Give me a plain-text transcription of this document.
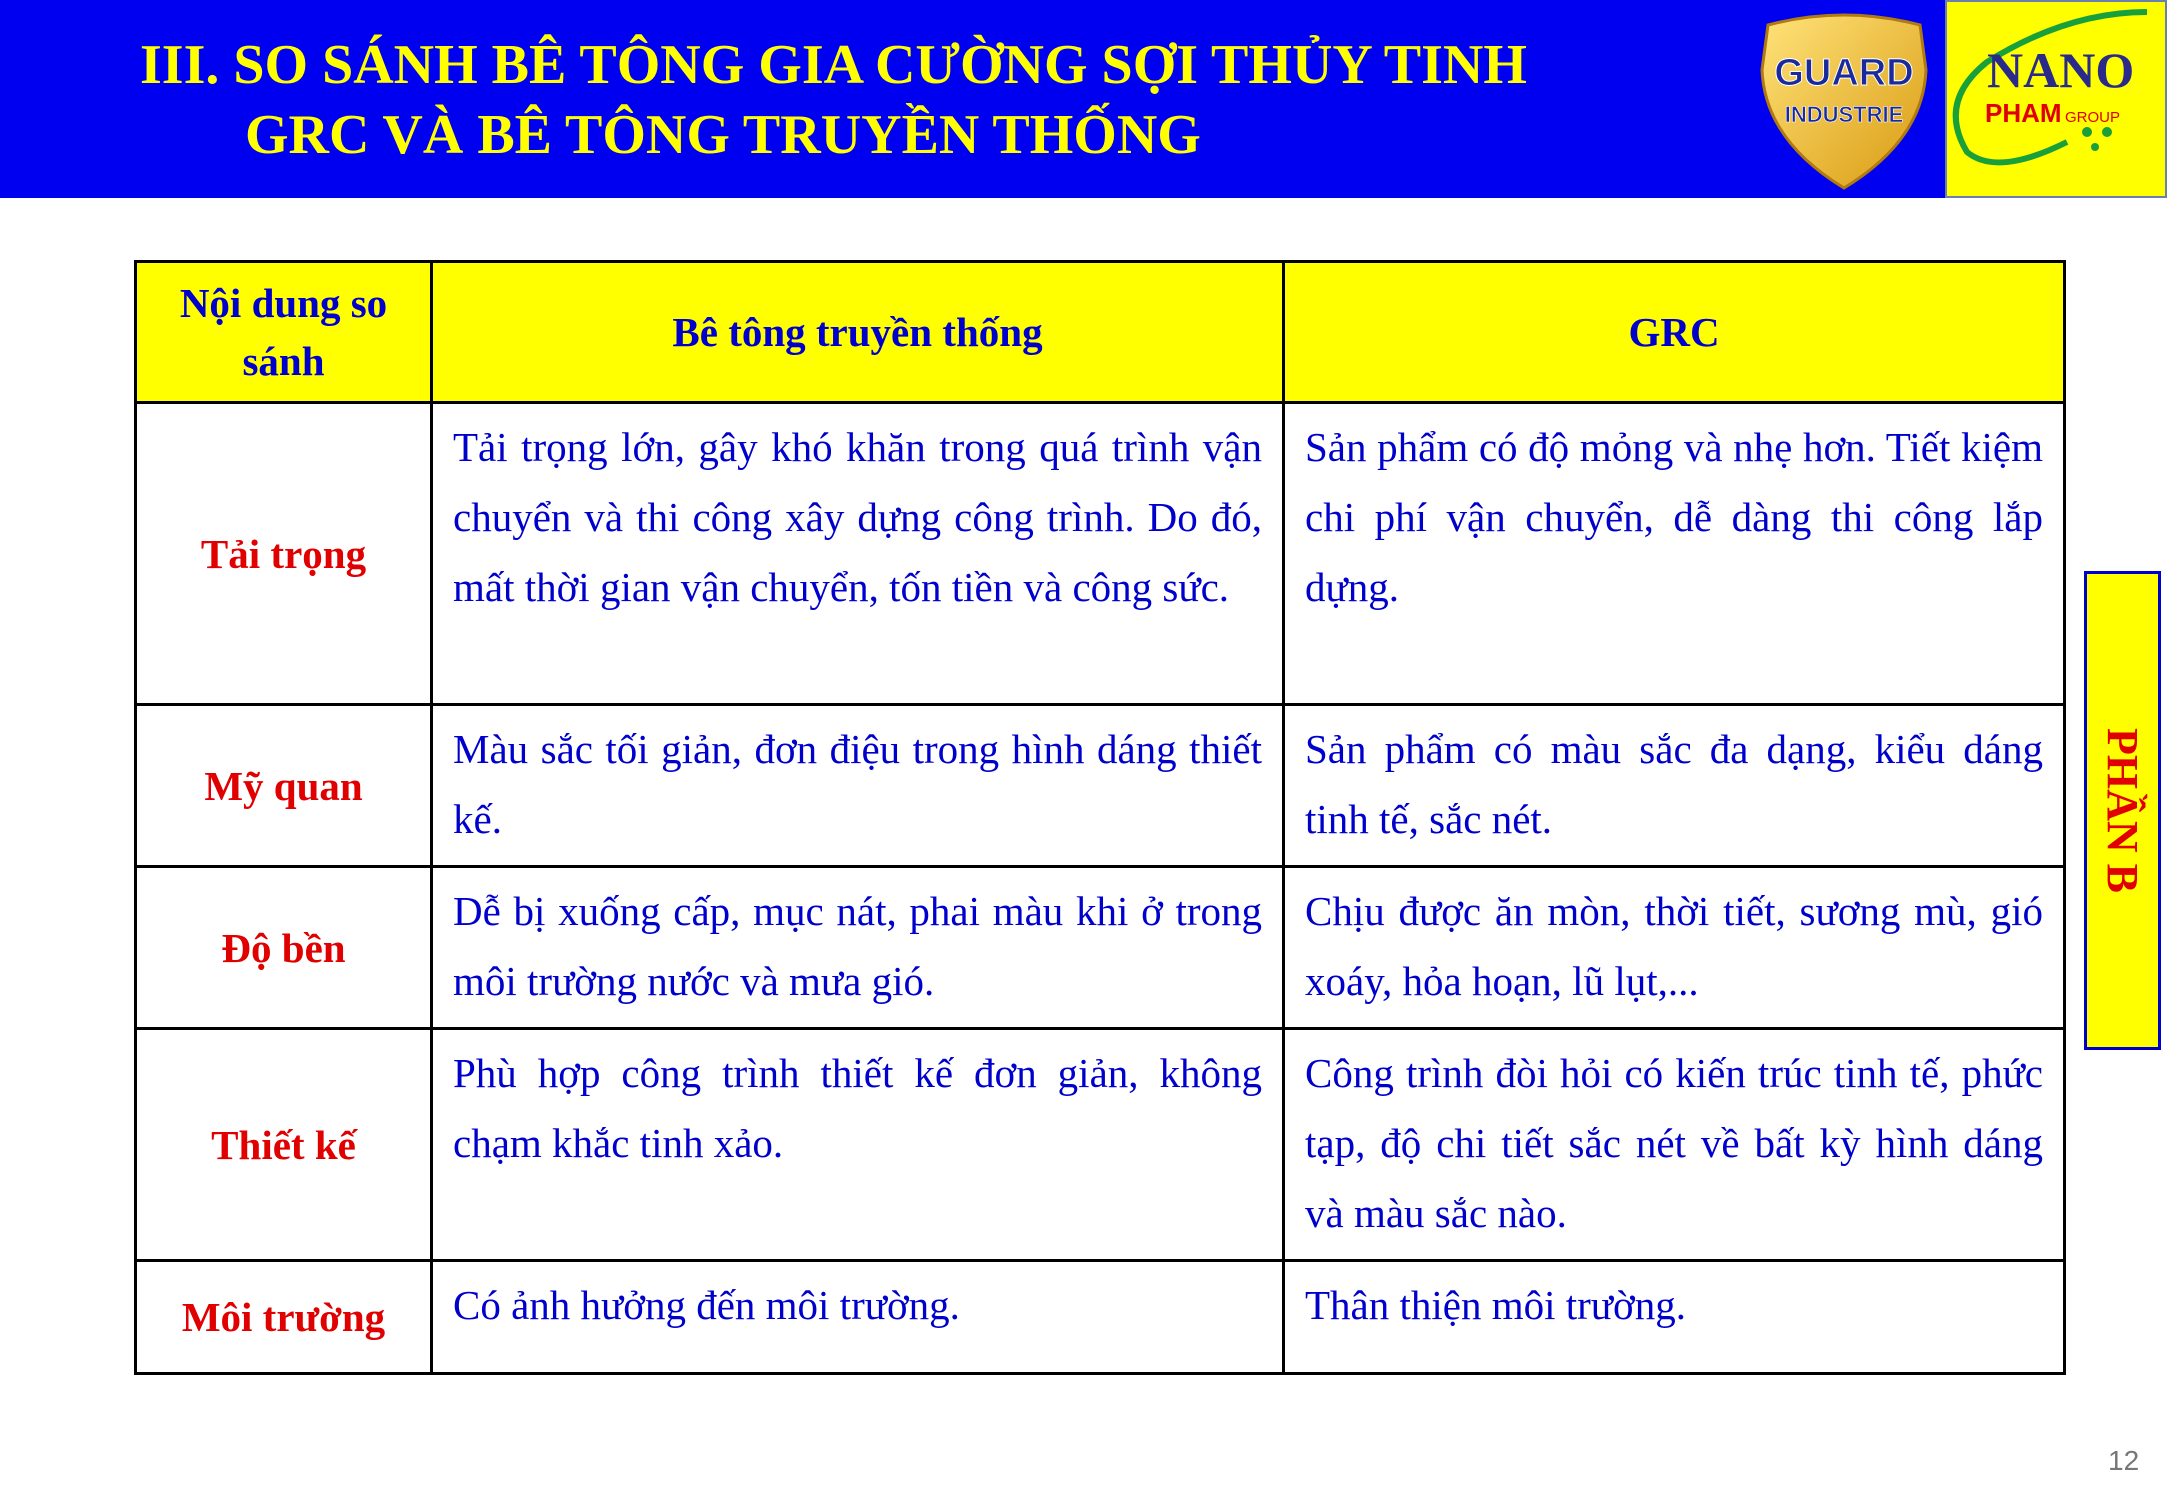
III. SO SÁNH BÊ TÔNG GIA CƯỜNG SỢI THỦY TINH
GRC VÀ BÊ TÔNG TRUYỀN THỐNG
GUARD
INDUSTRIE
NANO
PHAM GROUP
Nội dung so sánh	Bê tông truyền thống	GRC
Tải trọng	Tải trọng lớn, gây khó khăn trong quá trình vận chuyển và thi công xây dựng công trình. Do đó, mất thời gian vận chuyển, tốn tiền và công sức.	Sản phẩm có độ mỏng và nhẹ hơn. Tiết kiệm chi phí vận chuyển, dễ dàng thi công lắp dựng.
Mỹ quan	Màu sắc tối giản, đơn điệu trong hình dáng thiết kế.	Sản phẩm có màu sắc đa dạng, kiểu dáng tinh tế, sắc nét.
Độ bền	Dễ bị xuống cấp, mục nát, phai màu khi ở trong môi trường nước và mưa gió.	Chịu được ăn mòn, thời tiết, sương mù, gió xoáy, hỏa hoạn, lũ lụt,...
Thiết kế	Phù hợp công trình thiết kế đơn giản, không chạm khắc tinh xảo.	Công trình đòi hỏi có kiến trúc tinh tế, phức tạp, độ chi tiết sắc nét về bất kỳ hình dáng và màu sắc nào.
Môi trường	Có ảnh hưởng đến môi trường.	Thân thiện môi trường.
PHẦN B
12
